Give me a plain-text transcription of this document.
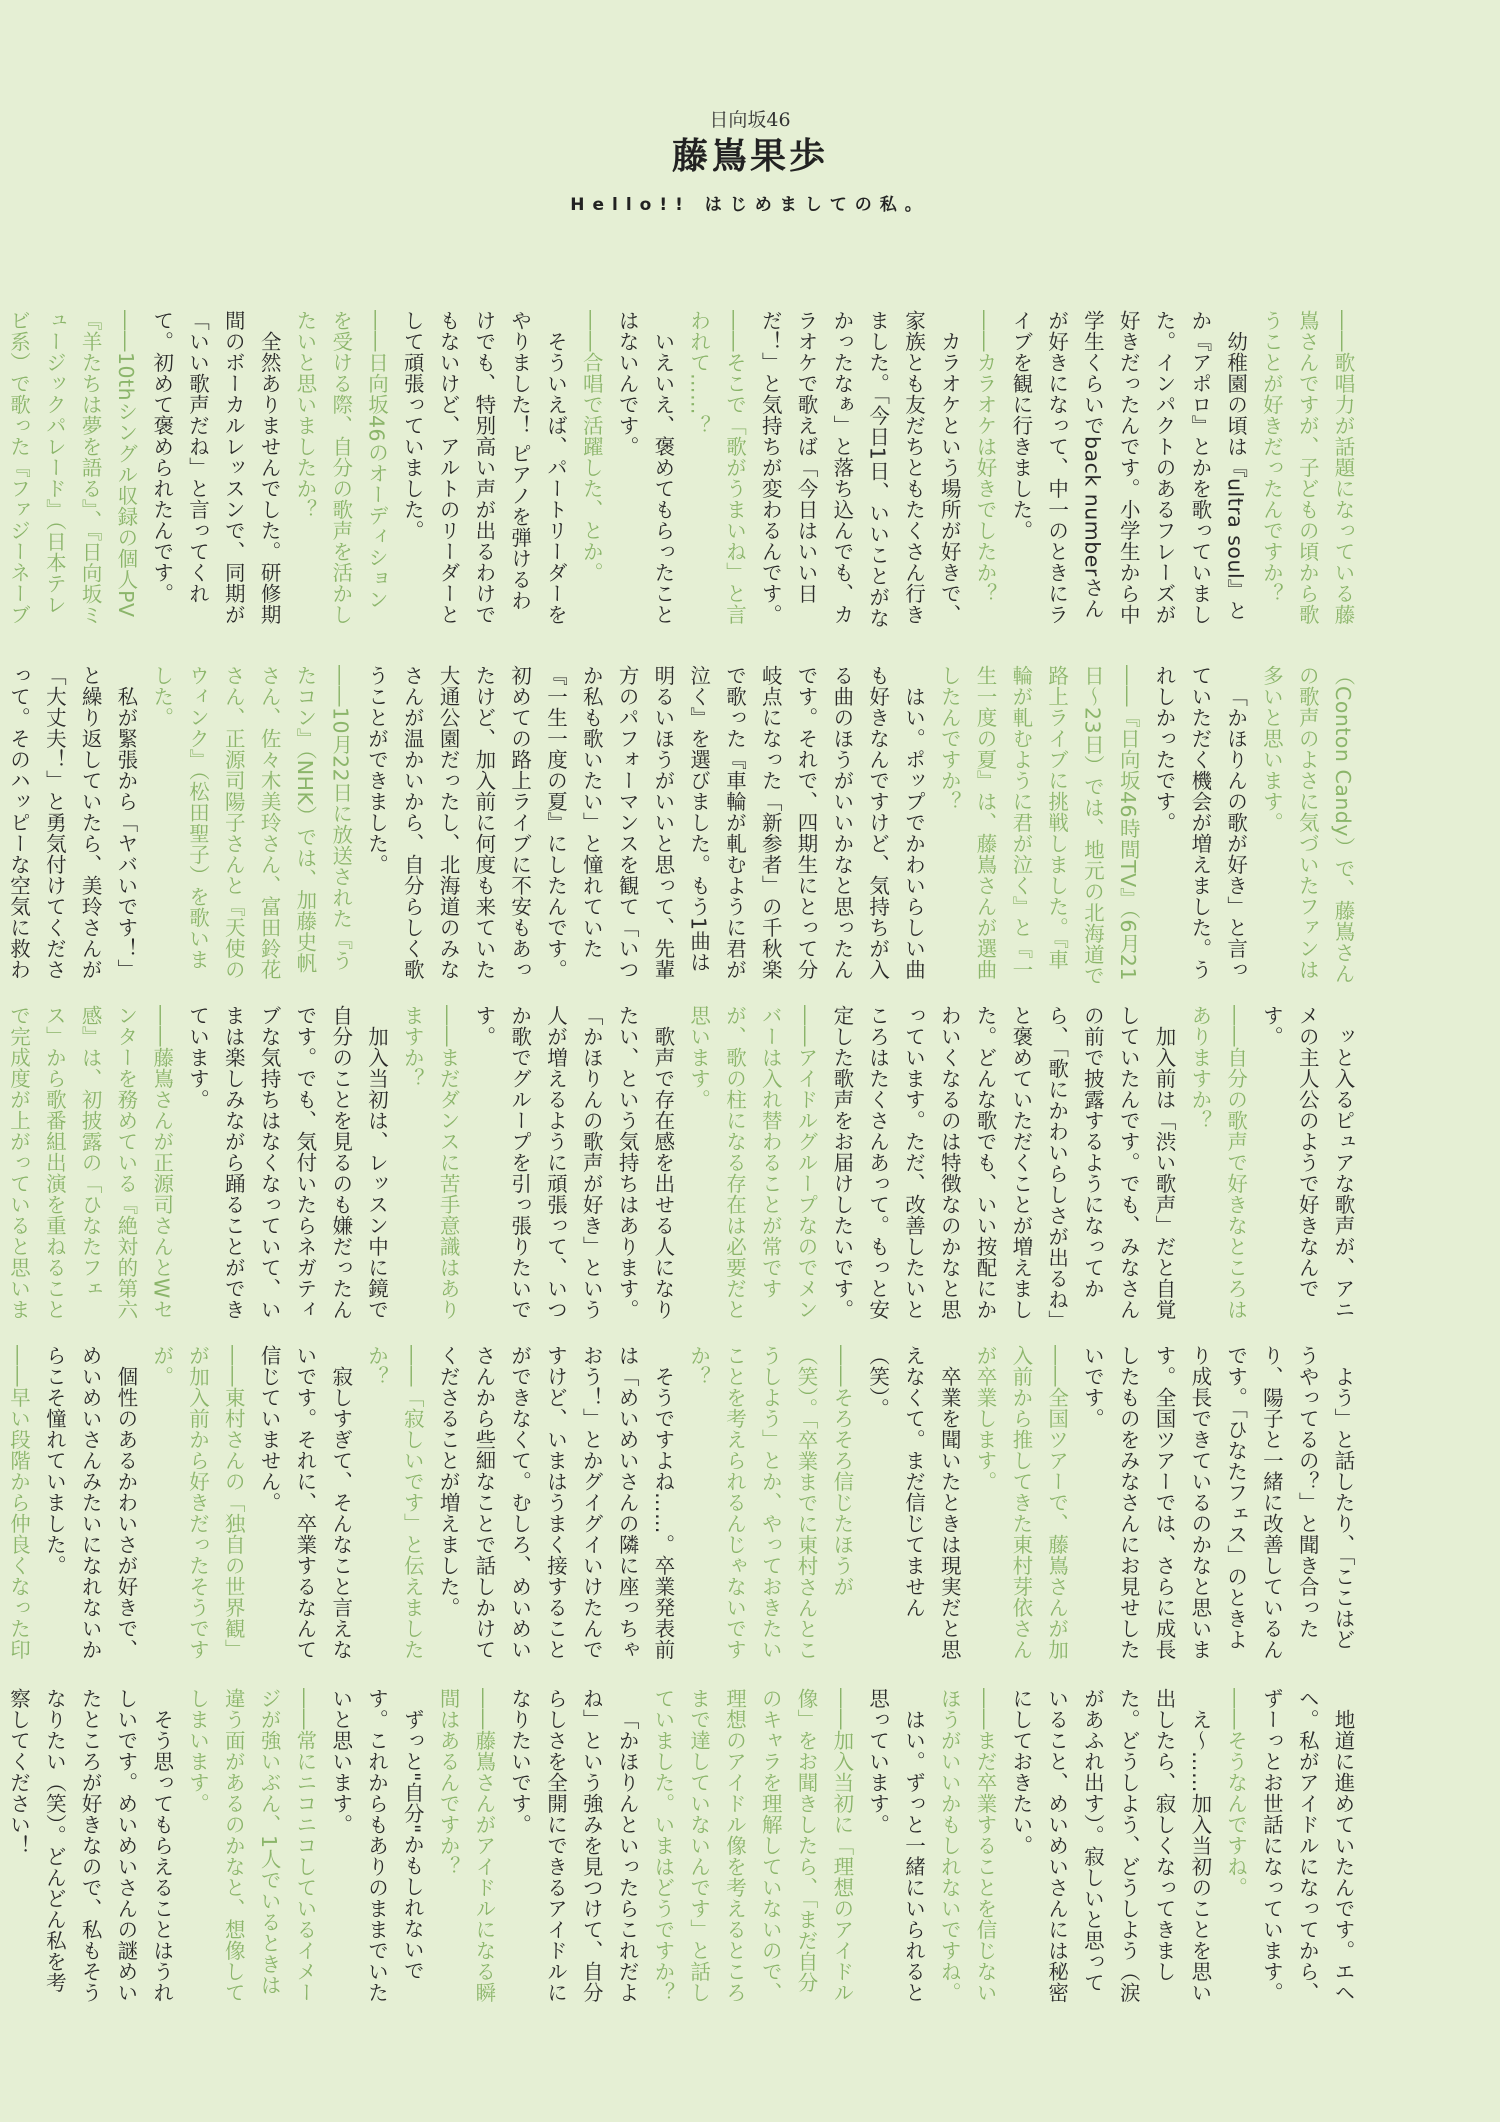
日向坂46
藤嶌果歩
Hello!! はじめましての私。

――歌唱力が話題になっている藤嶌さんですが、子どもの頃から歌うことが好きだったんですか？

幼稚園の頃は『ultra soul』とか『アポロ』とかを歌っていました。インパクトのあるフレーズが好きだったんです。小学生から中学生くらいでback numberさんが好きになって、中一のときにライブを観に行きました。

――カラオケは好きでしたか？

カラオケという場所が好きで、家族とも友だちともたくさん行きました。「今日1日、いいことがなかったなぁ」と落ち込んでも、カラオケで歌えば「今日はいい日だ！」と気持ちが変わるんです。

――そこで「歌がうまいね」と言われて……？

いえいえ、褒めてもらったことはないんです。

――合唱で活躍した、とか。

そういえば、パートリーダーをやりました！ ピアノを弾けるわけでも、特別高い声が出るわけでもないけど、アルトのリーダーとして頑張っていました。

――日向坂46のオーディションを受ける際、自分の歌声を活かしたいと思いましたか？

全然ありませんでした。研修期間のボーカルレッスンで、同期が「いい歌声だね」と言ってくれて。初めて褒められたんです。

――10thシングル収録の個人PV『羊たちは夢を語る』、『日向坂ミュージックパレード』（日本テレビ系）で歌った『ファジーネーブ

（Conton Candy）で、藤嶌さんの歌声のよさに気づいたファンは多いと思います。

「かほりんの歌が好き」と言っていただく機会が増えました。うれしかったです。

――『日向坂46時間TV』（6月21日～23日）では、地元の北海道で路上ライブに挑戦しました。『車輪が軋むように君が泣く』と『一生一度の夏』は、藤嶌さんが選曲したんですか？

はい。ポップでかわいらしい曲も好きなんですけど、気持ちが入る曲のほうがいいかなと思ったんです。それで、四期生にとって分岐点になった「新参者」の千秋楽で歌った『車輪が軋むように君が泣く』を選びました。もう1曲は明るいほうがいいと思って、先輩方のパフォーマンスを観て「いつか私も歌いたい」と憧れていた『一生一度の夏』にしたんです。初めての路上ライブに不安もあったけど、加入前に何度も来ていた大通公園だったし、北海道のみなさんが温かいから、自分らしく歌うことができました。

――10月22日に放送された『うたコン』（NHK）では、加藤史帆さん、佐々木美玲さん、富田鈴花さん、正源司陽子さんと『天使のウィンク』（松田聖子）を歌いました。

私が緊張から「ヤバいです！」と繰り返していたら、美玲さんが「大丈夫！」と勇気付けてくださって。そのハッピーな空気に救わ

ッと入るピュアな歌声が、アニメの主人公のようで好きなんです。

――自分の歌声で好きなところはありますか？

加入前は「渋い歌声」だと自覚していたんです。でも、みなさんの前で披露するようになってから、「歌にかわいらしさが出るね」と褒めていただくことが増えました。どんな歌でも、いい按配にかわいくなるのは特徴なのかなと思っています。ただ、改善したいところはたくさんあって。もっと安定した歌声をお届けしたいです。

――アイドルグループなのでメンバーは入れ替わることが常ですが、歌の柱になる存在は必要だと思います。

歌声で存在感を出せる人になりたい、という気持ちはあります。「かほりんの歌声が好き」という人が増えるように頑張って、いつか歌でグループを引っ張りたいです。

――まだダンスに苦手意識はありますか？

加入当初は、レッスン中に鏡で自分のことを見るのも嫌だったんです。でも、気付いたらネガティブな気持ちはなくなっていて、いまは楽しみながら踊ることができています。

――藤嶌さんが正源司さんとWセンターを務めている『絶対的第六感』は、初披露の「ひなたフェス」から歌番組出演を重ねることで完成度が上がっていると思いま

よう」と話したり、「ここはどうやってるの？」と聞き合ったり、陽子と一緒に改善しているんです。「ひなたフェス」のときより成長できているのかなと思います。全国ツアーでは、さらに成長したものをみなさんにお見せしたいです。

――全国ツアーで、藤嶌さんが加入前から推してきた東村芽依さんが卒業します。

卒業を聞いたときは現実だと思えなくて。まだ信じてません（笑）。

――そろそろ信じたほうが（笑）。「卒業までに東村さんとこうしよう」とか、やっておきたいことを考えられるんじゃないですか？

そうですよね……。卒業発表前は「めいめいさんの隣に座っちゃおう！」とかグイグイいけたんですけど、いまはうまく接することができなくて。むしろ、めいめいさんから些細なことで話しかけてくださることが増えました。

――「寂しいです」と伝えましたか？

寂しすぎて、そんなこと言えないです。それに、卒業するなんて信じていません。

――東村さんの「独自の世界観」が加入前から好きだったそうですが。

個性のあるかわいさが好きで、めいめいさんみたいになれないからこそ憧れていました。

――早い段階から仲良くなった印

地道に進めていたんです。エヘヘ。私がアイドルになってから、ずーっとお世話になっています。

――そうなんですね。

え～……加入当初のことを思い出したら、寂しくなってきました。どうしよう、どうしよう（涙があふれ出す）。寂しいと思っていること、めいめいさんには秘密にしておきたい。

――まだ卒業することを信じないほうがいいかもしれないですね。

はい。ずっと一緒にいられると思っています。

――加入当初に「理想のアイドル像」をお聞きしたら、「まだ自分のキャラを理解していないので、理想のアイドル像を考えるところまで達していないんです」と話していました。いまはどうですか？

「かほりんといったらこれだよね」という強みを見つけて、自分らしさを全開にできるアイドルになりたいです。

――藤嶌さんがアイドルになる瞬間はあるんですか？

ずっと"自分"かもしれないです。これからもありのままでいたいと思います。

――常にニコニコしているイメージが強いぶん、1人でいるときは違う面があるのかなと、想像してしまいます。

そう思ってもらえることはうれしいです。めいめいさんの謎めいたところが好きなので、私もそうなりたい（笑）。どんどん私を考察してください！
